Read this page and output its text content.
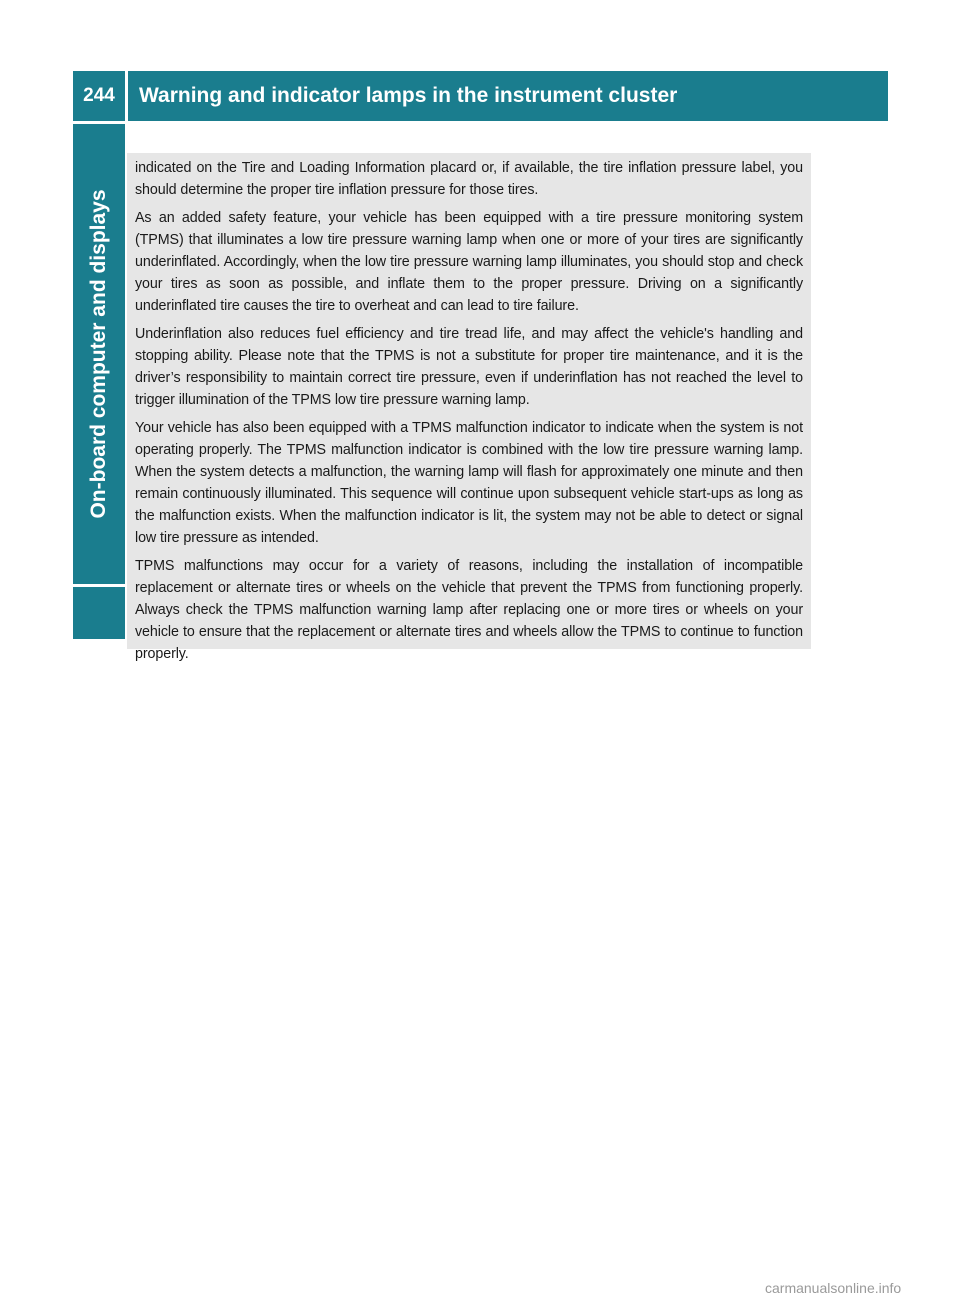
244	Warning and indicator lamps in the instrument cluster
On-board computer and displays

indicated on the Tire and Loading Information placard or, if available, the tire inflation pressure label, you should determine the proper tire inflation pressure for those tires.

As an added safety feature, your vehicle has been equipped with a tire pressure monitoring system (TPMS) that illuminates a low tire pressure warning lamp when one or more of your tires are significantly underinflated. Accordingly, when the low tire pressure warning lamp illuminates, you should stop and check your tires as soon as possible, and inflate them to the proper pressure. Driving on a significantly underinflated tire causes the tire to overheat and can lead to tire failure.

Underinflation also reduces fuel efficiency and tire tread life, and may affect the vehicle's handling and stopping ability. Please note that the TPMS is not a substitute for proper tire maintenance, and it is the driver’s responsibility to maintain correct tire pressure, even if underinflation has not reached the level to trigger illumination of the TPMS low tire pressure warning lamp.

Your vehicle has also been equipped with a TPMS malfunction indicator to indicate when the system is not operating properly. The TPMS malfunction indicator is combined with the low tire pressure warning lamp. When the system detects a malfunction, the warning lamp will flash for approximately one minute and then remain continuously illuminated. This sequence will continue upon subsequent vehicle start-ups as long as the malfunction exists. When the malfunction indicator is lit, the system may not be able to detect or signal low tire pressure as intended.

TPMS malfunctions may occur for a variety of reasons, including the installation of incompatible replacement or alternate tires or wheels on the vehicle that prevent the TPMS from functioning properly. Always check the TPMS malfunction warning lamp after replacing one or more tires or wheels on your vehicle to ensure that the replacement or alternate tires and wheels allow the TPMS to continue to function properly.

carmanualsonline.info
